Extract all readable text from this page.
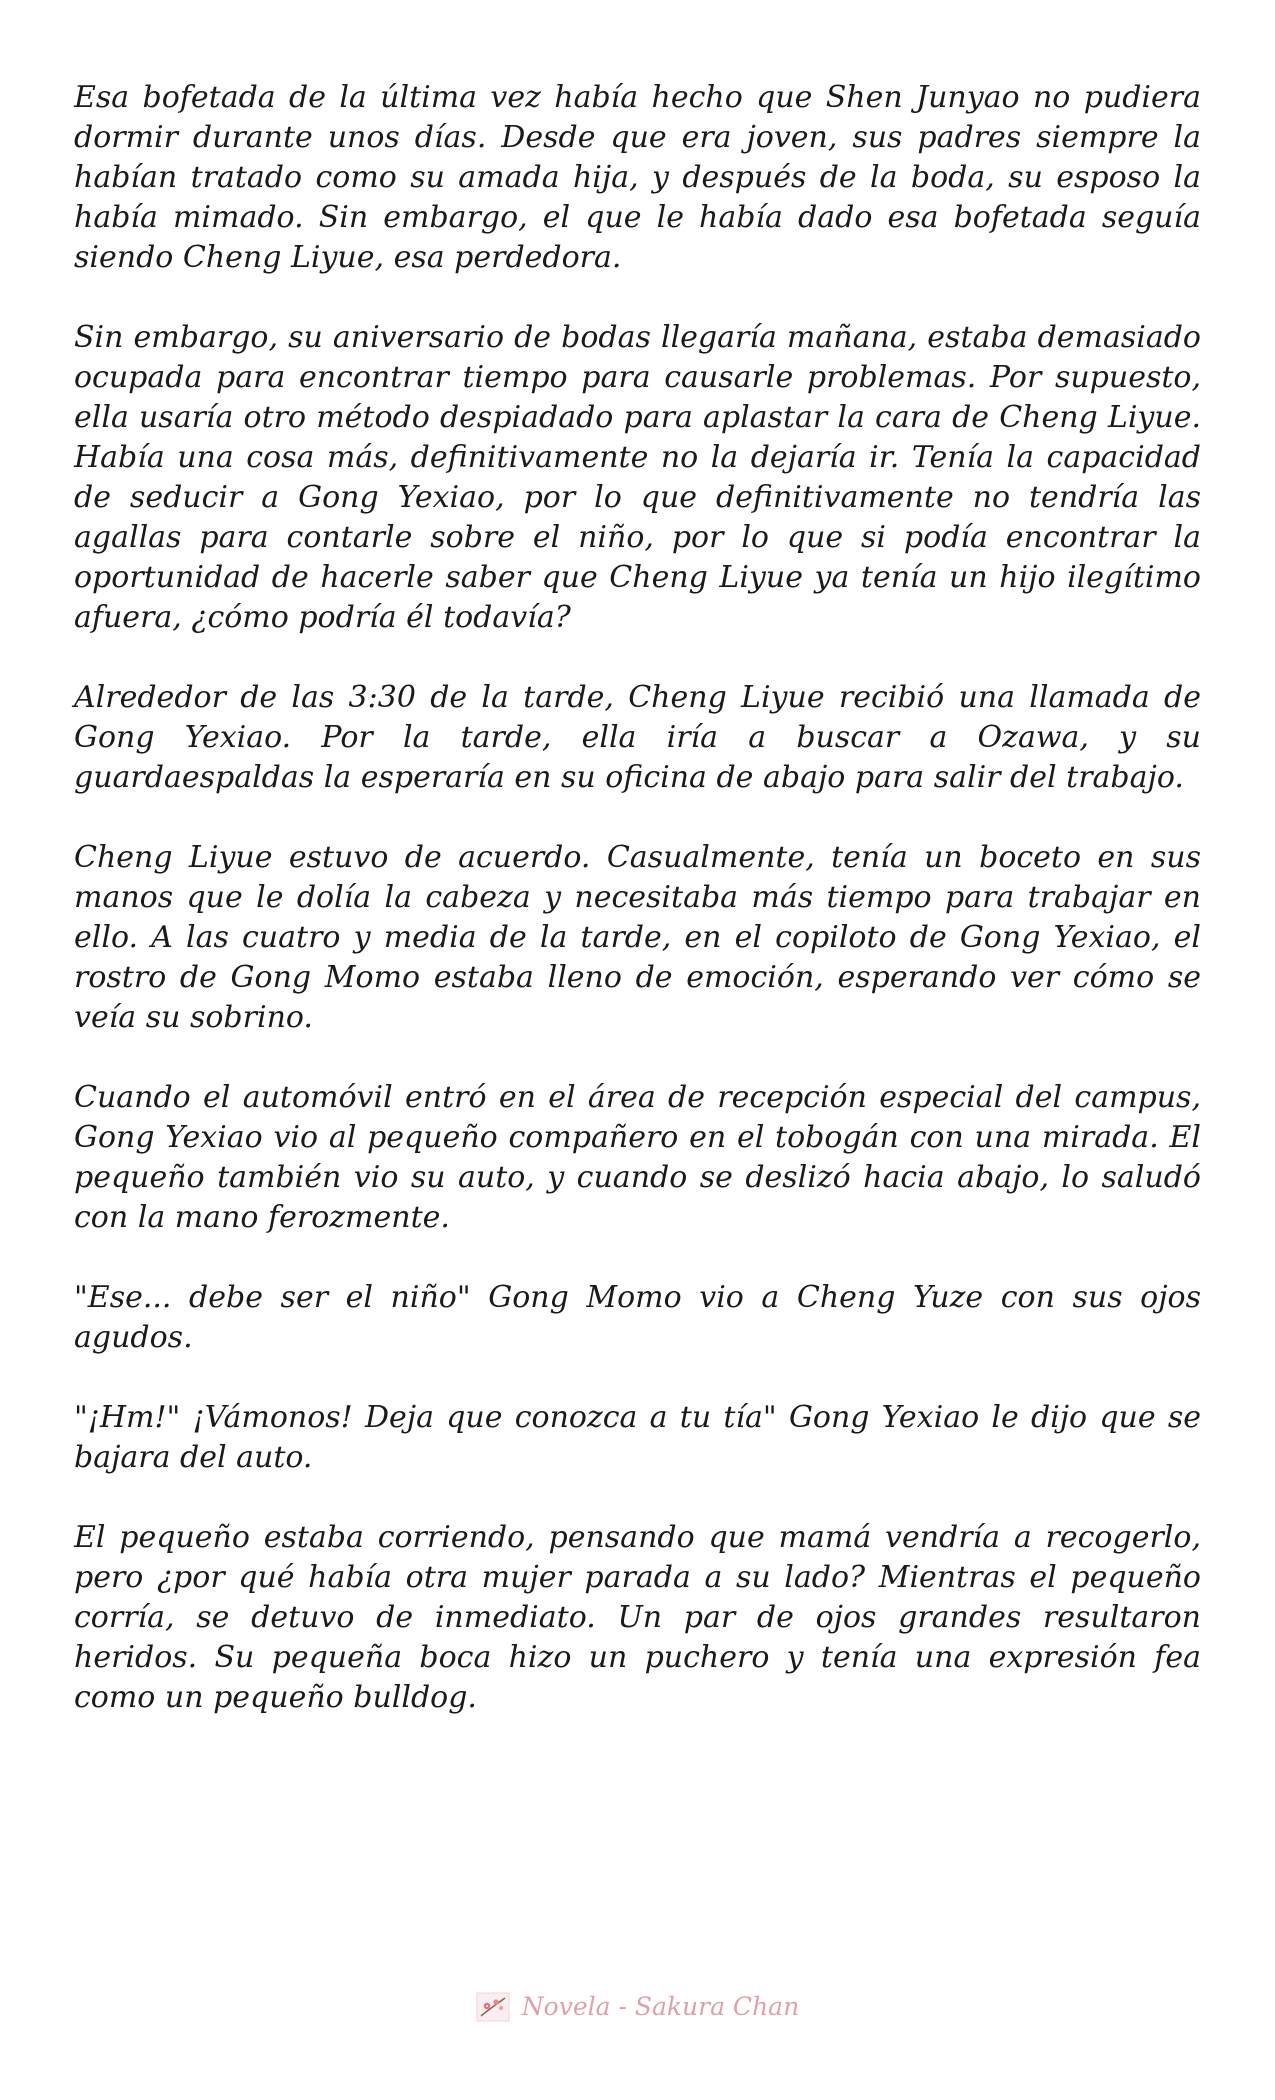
Esa bofetada de la última vez había hecho que Shen Junyao no pudiera dormir durante unos días. Desde que era joven, sus padres siempre la habían tratado como su amada hija, y después de la boda, su esposo la había mimado. Sin embargo, el que le había dado esa bofetada seguía siendo Cheng Liyue, esa perdedora.

Sin embargo, su aniversario de bodas llegaría mañana, estaba demasiado ocupada para encontrar tiempo para causarle problemas. Por supuesto, ella usaría otro método despiadado para aplastar la cara de Cheng Liyue. Había una cosa más, definitivamente no la dejaría ir. Tenía la capacidad de seducir a Gong Yexiao, por lo que definitivamente no tendría las agallas para contarle sobre el niño, por lo que si podía encontrar la oportunidad de hacerle saber que Cheng Liyue ya tenía un hijo ilegítimo afuera, ¿cómo podría él todavía?

Alrededor de las 3:30 de la tarde, Cheng Liyue recibió una llamada de Gong Yexiao. Por la tarde, ella iría a buscar a Ozawa, y su guardaespaldas la esperaría en su oficina de abajo para salir del trabajo.

Cheng Liyue estuvo de acuerdo. Casualmente, tenía un boceto en sus manos que le dolía la cabeza y necesitaba más tiempo para trabajar en ello. A las cuatro y media de la tarde, en el copiloto de Gong Yexiao, el rostro de Gong Momo estaba lleno de emoción, esperando ver cómo se veía su sobrino.

Cuando el automóvil entró en el área de recepción especial del campus, Gong Yexiao vio al pequeño compañero en el tobogán con una mirada. El pequeño también vio su auto, y cuando se deslizó hacia abajo, lo saludó con la mano ferozmente.

"Ese... debe ser el niño" Gong Momo vio a Cheng Yuze con sus ojos agudos.

"¡Hm!" ¡Vámonos! Deja que conozca a tu tía" Gong Yexiao le dijo que se bajara del auto.

El pequeño estaba corriendo, pensando que mamá vendría a recogerlo, pero ¿por qué había otra mujer parada a su lado? Mientras el pequeño corría, se detuvo de inmediato. Un par de ojos grandes resultaron heridos. Su pequeña boca hizo un puchero y tenía una expresión fea como un pequeño bulldog.

Novela - Sakura Chan
